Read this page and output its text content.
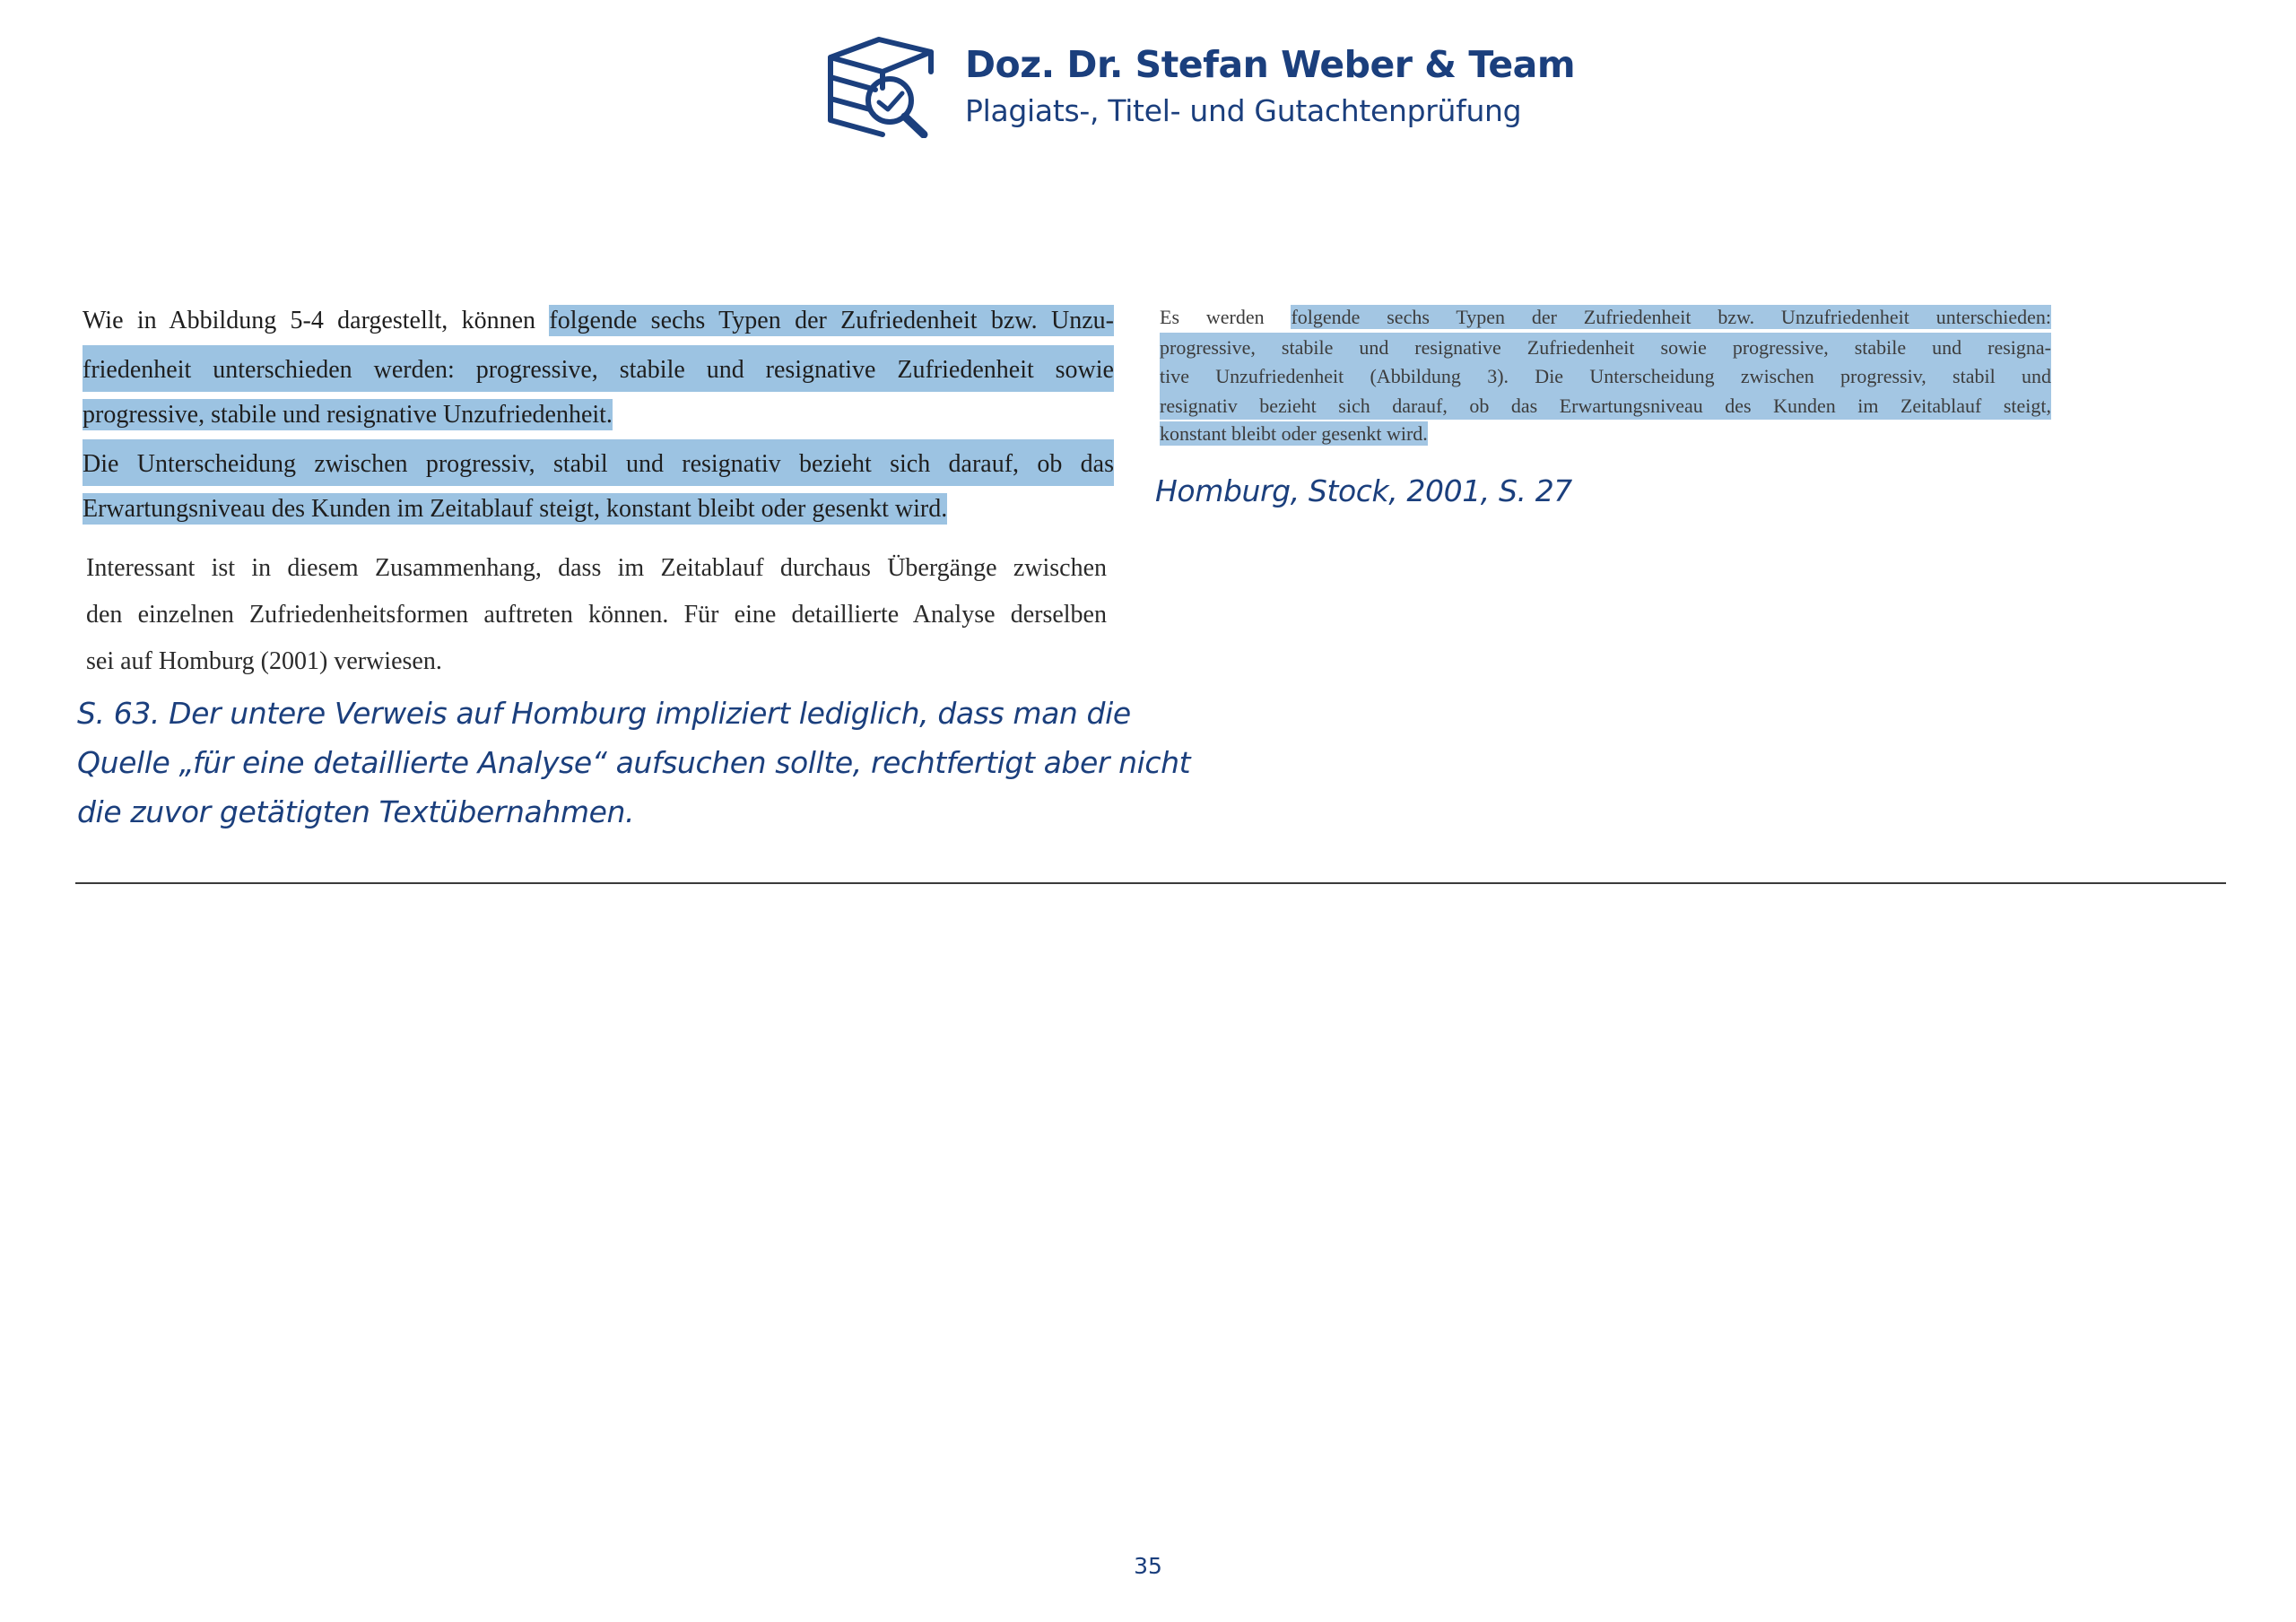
Doz. Dr. Stefan Weber & Team
Plagiats-, Titel- und Gutachtenprüfung
Wie in Abbildung 5-4 dargestellt, können folgende sechs Typen der Zufriedenheit bzw. Unzu-
friedenheit unterschieden werden: progressive, stabile und resignative Zufriedenheit sowie
progressive, stabile und resignative Unzufriedenheit.
Die Unterscheidung zwischen progressiv, stabil und resignativ bezieht sich darauf, ob das
Erwartungsniveau des Kunden im Zeitablauf steigt, konstant bleibt oder gesenkt wird.
Interessant ist in diesem Zusammenhang, dass im Zeitablauf durchaus Übergänge zwischen
den einzelnen Zufriedenheitsformen auftreten können. Für eine detaillierte Analyse derselben
sei auf Homburg (2001) verwiesen.
S. 63. Der untere Verweis auf Homburg impliziert lediglich, dass man die
Quelle „für eine detaillierte Analyse“ aufsuchen sollte, rechtfertigt aber nicht
die zuvor getätigten Textübernahmen.
Es werden folgende sechs Typen der Zufriedenheit bzw. Unzufriedenheit unterschieden:
progressive, stabile und resignative Zufriedenheit sowie progressive, stabile und resigna-
tive Unzufriedenheit (Abbildung 3). Die Unterscheidung zwischen progressiv, stabil und
resignativ bezieht sich darauf, ob das Erwartungsniveau des Kunden im Zeitablauf steigt,
konstant bleibt oder gesenkt wird.
Homburg, Stock, 2001, S. 27
35
